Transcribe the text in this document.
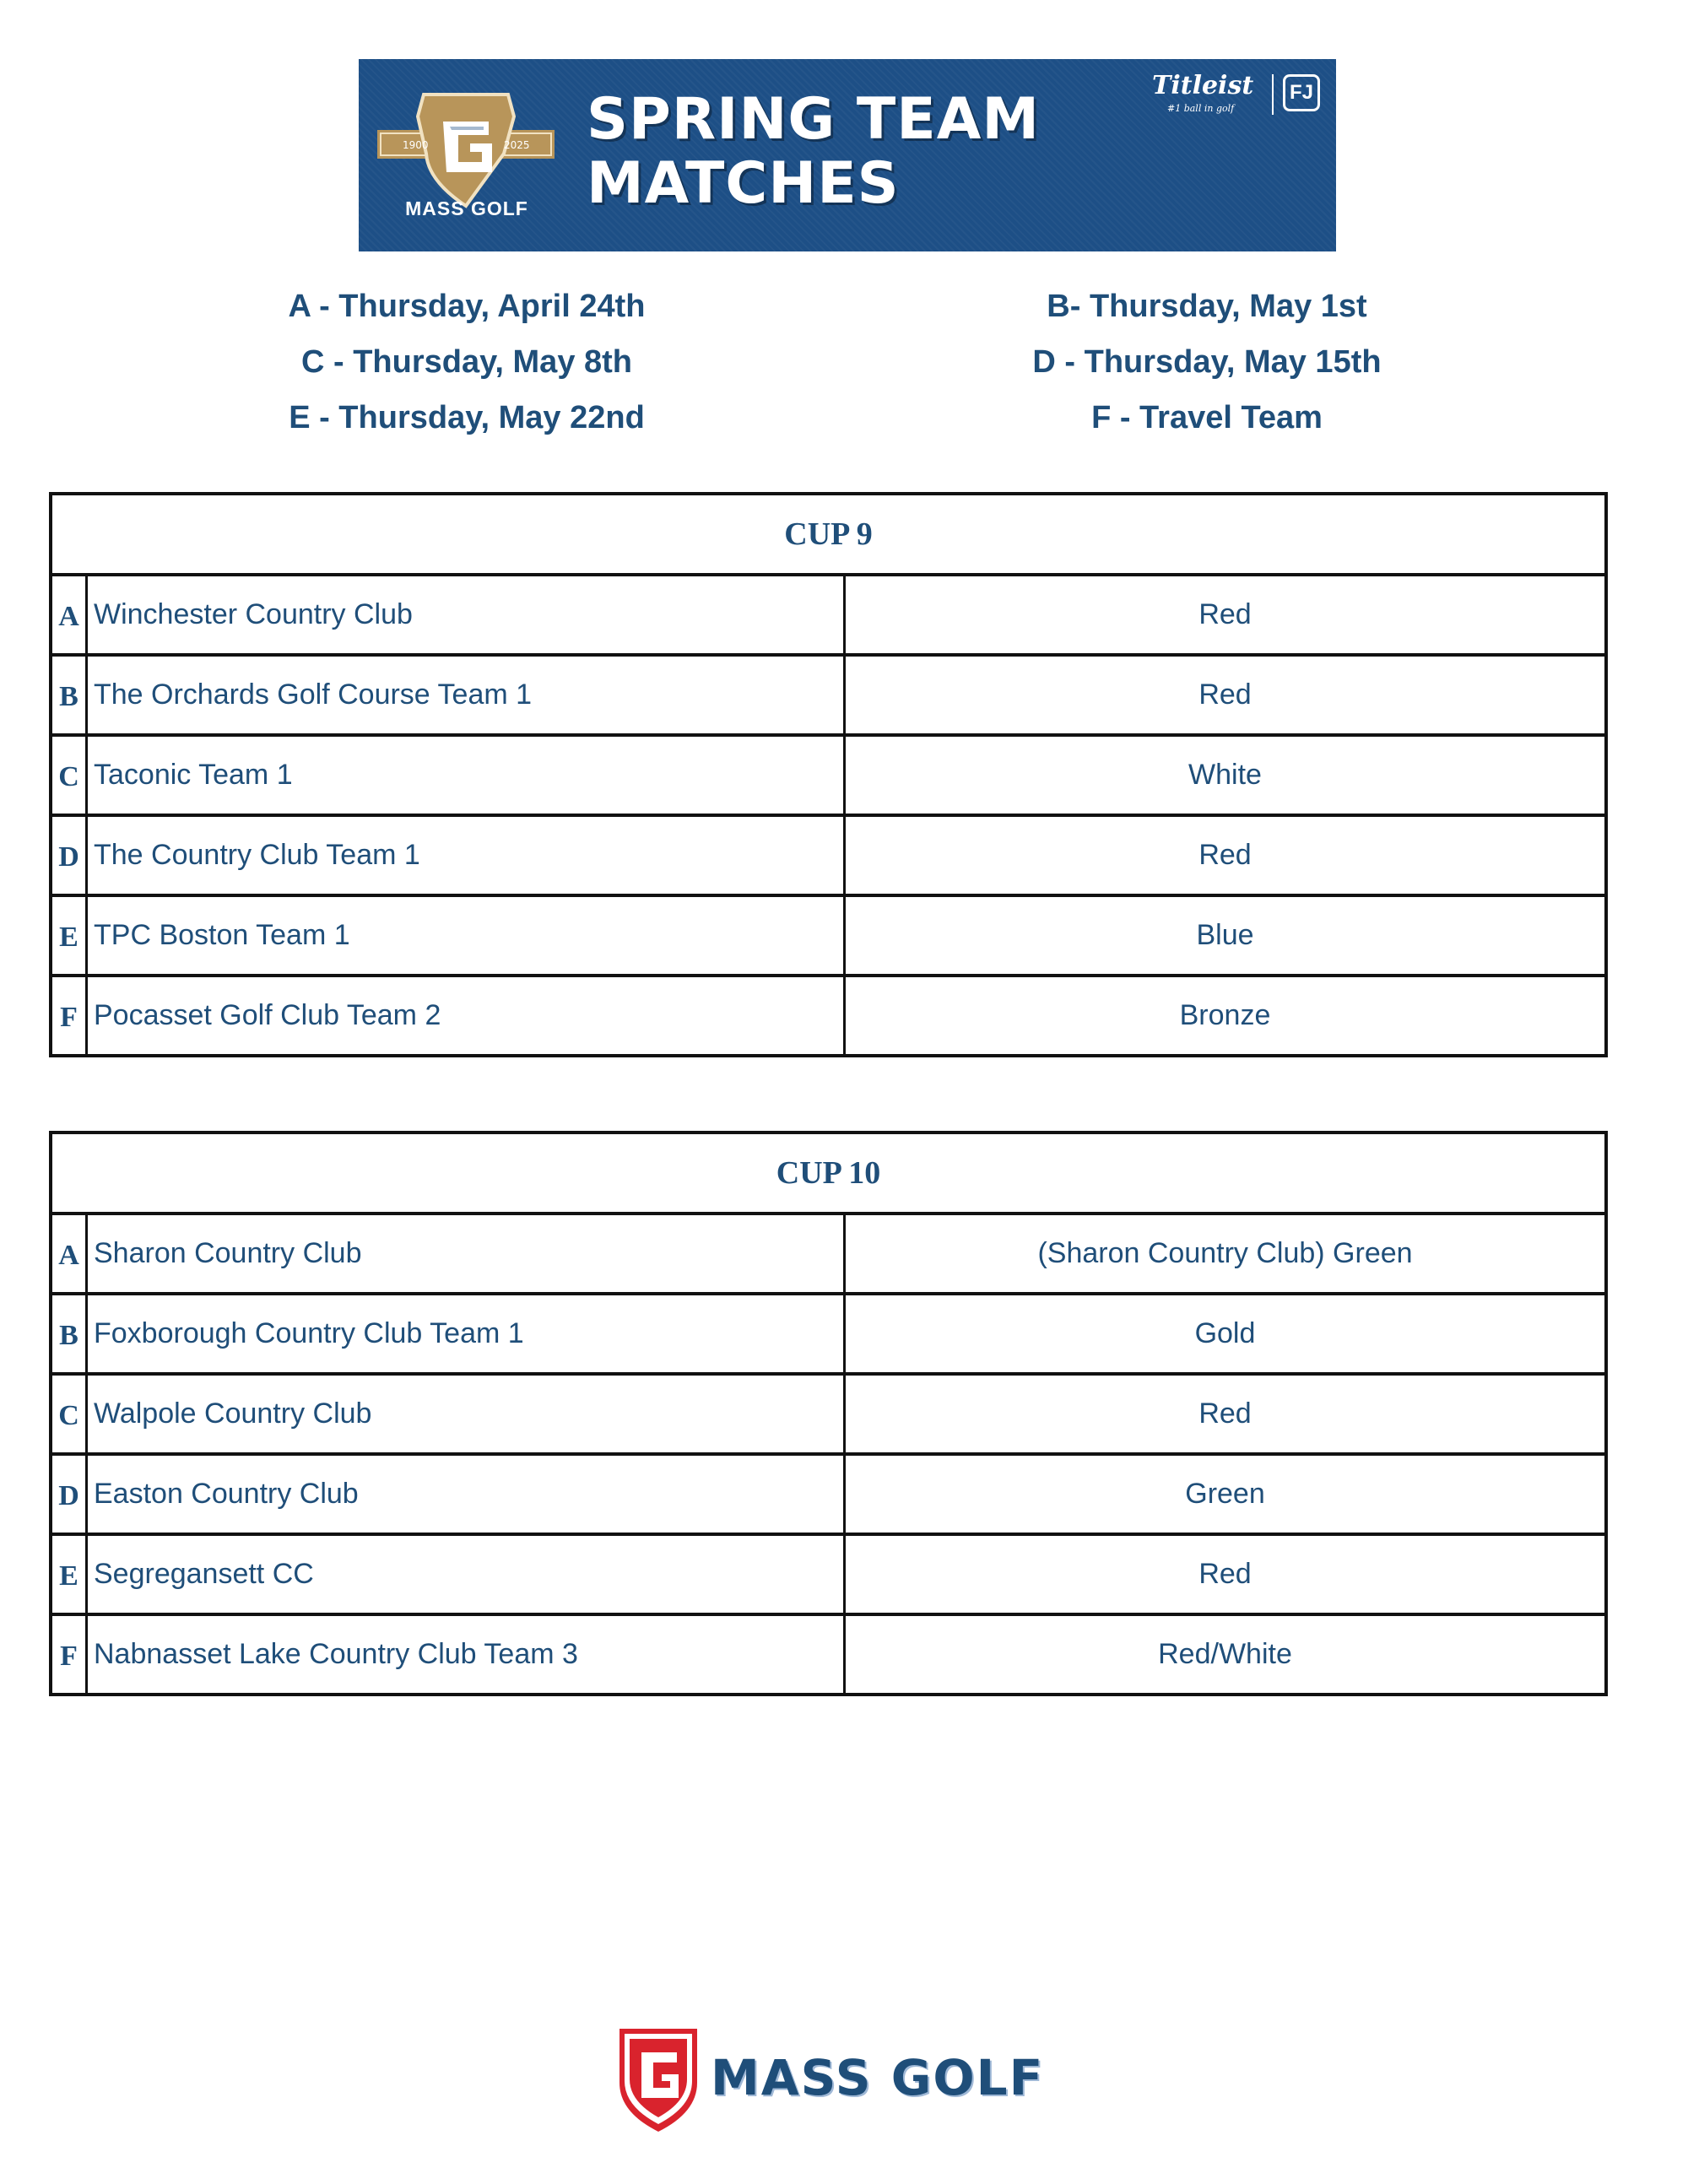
1900	2025
MASS GOLF
SPRING TEAM
MATCHES
Titleist
#1 ball in golf
FJ
A - Thursday, April 24th
C - Thursday, May 8th
E - Thursday, May 22nd
B- Thursday, May 1st
D - Thursday, May 15th
F - Travel Team
CUP 9
A Winchester Country Club	Red
B The Orchards Golf Course Team 1	Red
C Taconic Team 1	White
D The Country Club Team 1	Red
E TPC Boston Team 1	Blue
F Pocasset Golf Club Team 2	Bronze
CUP 10
A Sharon Country Club	(Sharon Country Club) Green
B Foxborough Country Club Team 1	Gold
C Walpole Country Club	Red
D Easton Country Club	Green
E Segregansett CC	Red
F Nabnasset Lake Country Club Team 3	Red/White
MASS GOLF
